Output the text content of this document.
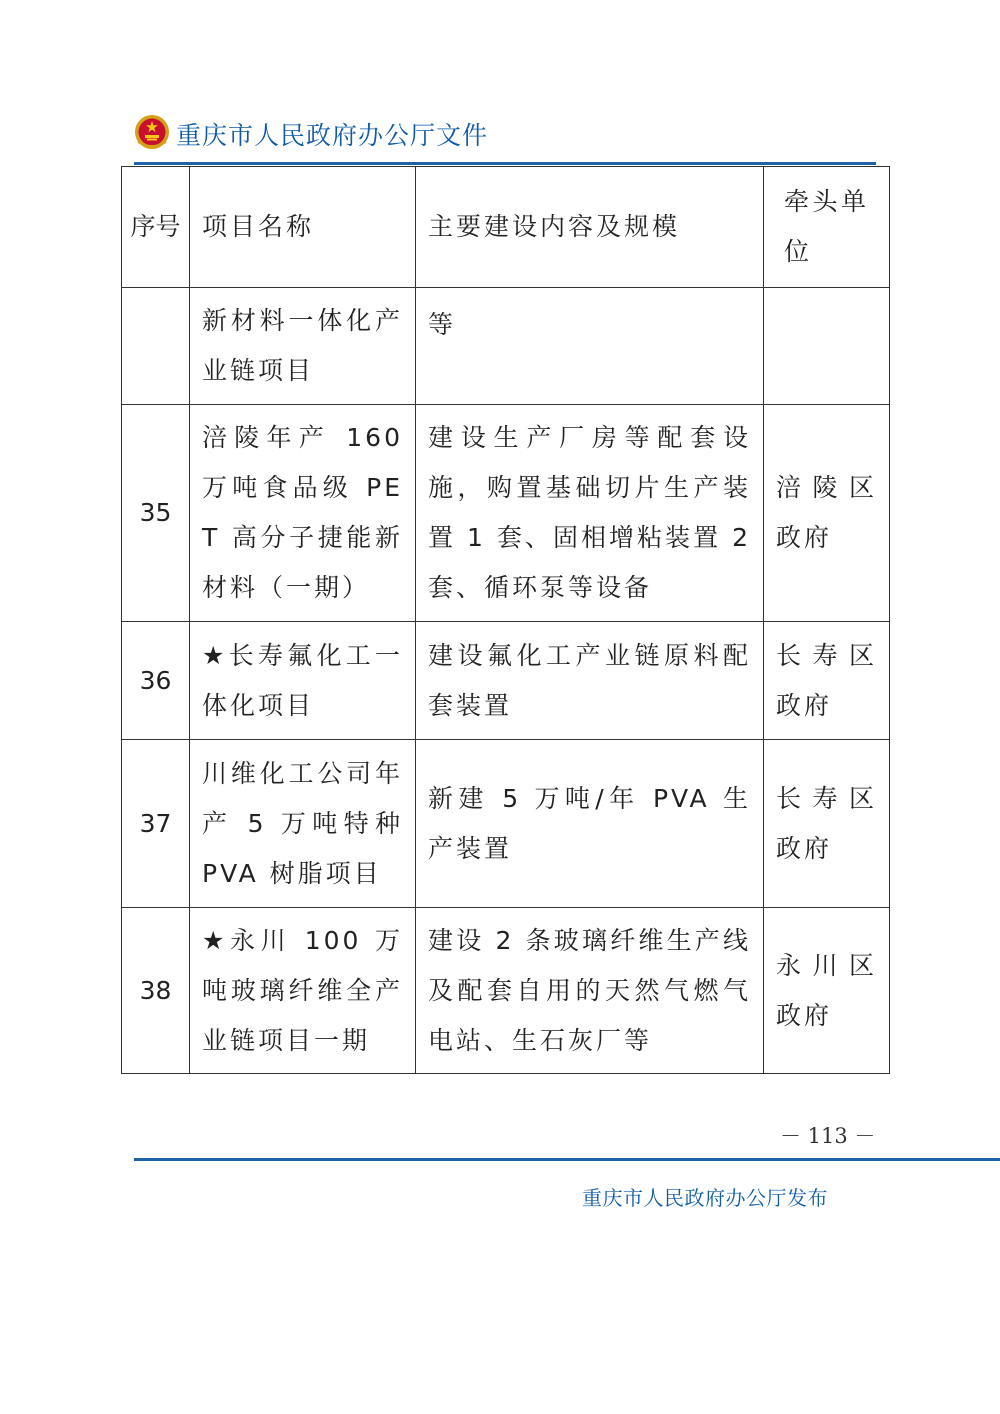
重庆市人民政府办公厅文件
序号	项目名称	主要建设内容及规模	牵头单位
	新材料一体化产业链项目	等	
35	涪陵年产 160 万吨食品级 PET 高分子捷能新材料（一期）	建设生产厂房等配套设施，购置基础切片生产装置 1 套、固相增粘装置 2 套、循环泵等设备	涪陵区政府
36	★长寿氟化工一体化项目	建设氟化工产业链原料配套装置	长寿区政府
37	川维化工公司年产 5 万吨特种 PVA 树脂项目	新建 5 万吨/年 PVA 生产装置	长寿区政府
38	★永川 100 万吨玻璃纤维全产业链项目一期	建设 2 条玻璃纤维生产线及配套自用的天然气燃气电站、生石灰厂等	永川区政府
－ 113 －
重庆市人民政府办公厅发布
